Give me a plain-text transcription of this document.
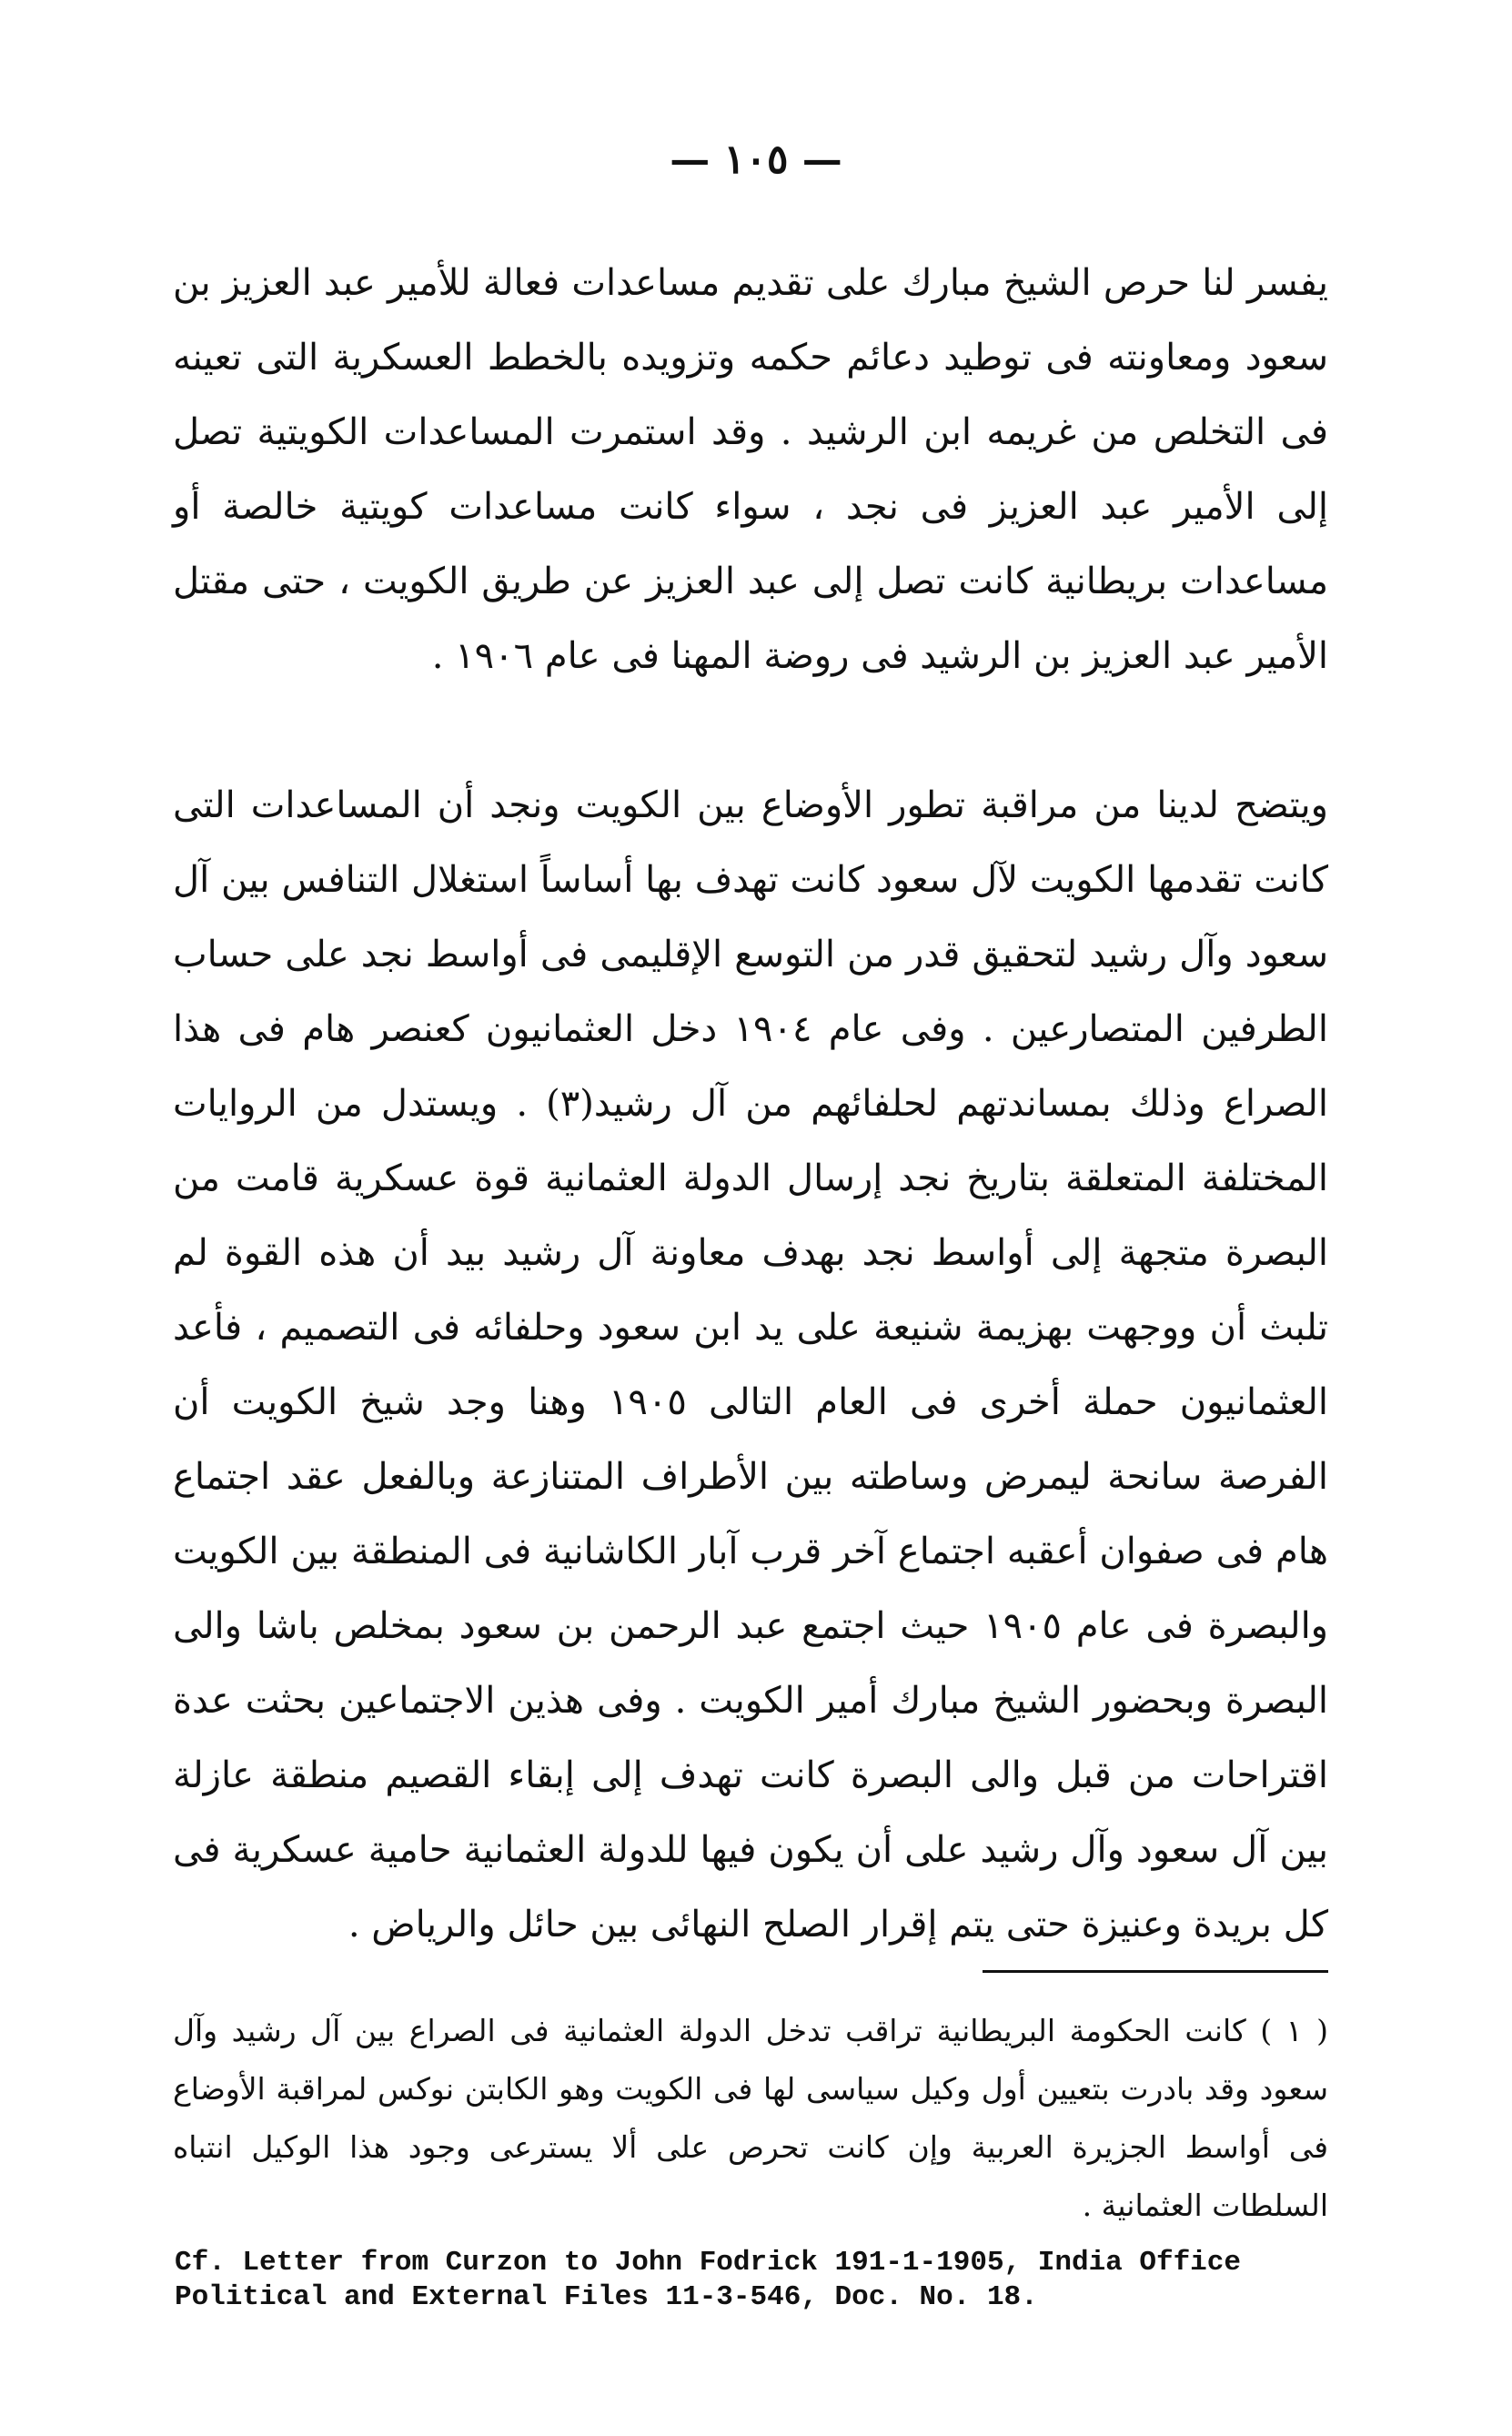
— ١٠٥ —

يفسر لنا حرص الشيخ مبارك على تقديم مساعدات فعالة للأمير عبد العزيز بن سعود ومعاونته فى توطيد دعائم حكمه وتزويده بالخطط العسكرية التى تعينه فى التخلص من غريمه ابن الرشيد . وقد استمرت المساعدات الكويتية تصل إلى الأمير عبد العزيز فى نجد ، سواء كانت مساعدات كويتية خالصة أو مساعدات بريطانية كانت تصل إلى عبد العزيز عن طريق الكويت ، حتى مقتل الأمير عبد العزيز بن الرشيد فى روضة المهنا فى عام ١٩٠٦ .

ويتضح لدينا من مراقبة تطور الأوضاع بين الكويت ونجد أن المساعدات التى كانت تقدمها الكويت لآل سعود كانت تهدف بها أساساً استغلال التنافس بين آل سعود وآل رشيد لتحقيق قدر من التوسع الإقليمى فى أواسط نجد على حساب الطرفين المتصارعين . وفى عام ١٩٠٤ دخل العثمانيون كعنصر هام فى هذا الصراع وذلك بمساندتهم لحلفائهم من آل رشيد(٣) . ويستدل من الروايات المختلفة المتعلقة بتاريخ نجد إرسال الدولة العثمانية قوة عسكرية قامت من البصرة متجهة إلى أواسط نجد بهدف معاونة آل رشيد بيد أن هذه القوة لم تلبث أن ووجهت بهزيمة شنيعة على يد ابن سعود وحلفائه فى التصميم ، فأعد العثمانيون حملة أخرى فى العام التالى ١٩٠٥ وهنا وجد شيخ الكويت أن الفرصة سانحة ليمرض وساطته بين الأطراف المتنازعة وبالفعل عقد اجتماع هام فى صفوان أعقبه اجتماع آخر قرب آبار الكاشانية فى المنطقة بين الكويت والبصرة فى عام ١٩٠٥ حيث اجتمع عبد الرحمن بن سعود بمخلص باشا والى البصرة وبحضور الشيخ مبارك أمير الكويت . وفى هذين الاجتماعين بحثت عدة اقتراحات من قبل والى البصرة كانت تهدف إلى إبقاء القصيم منطقة عازلة بين آل سعود وآل رشيد على أن يكون فيها للدولة العثمانية حامية عسكرية فى كل بريدة وعنيزة حتى يتم إقرار الصلح النهائى بين حائل والرياض .

( ١ ) كانت الحكومة البريطانية تراقب تدخل الدولة العثمانية فى الصراع بين آل رشيد وآل سعود وقد بادرت بتعيين أول وكيل سياسى لها فى الكويت وهو الكابتن نوكس لمراقبة الأوضاع فى أواسط الجزيرة العربية وإن كانت تحرص على ألا يسترعى وجود هذا الوكيل انتباه السلطات العثمانية .

Cf. Letter from Curzon to John Fodrick 191-1-1905, India Office
Political and External Files 11-3-546, Doc. No. 18.
